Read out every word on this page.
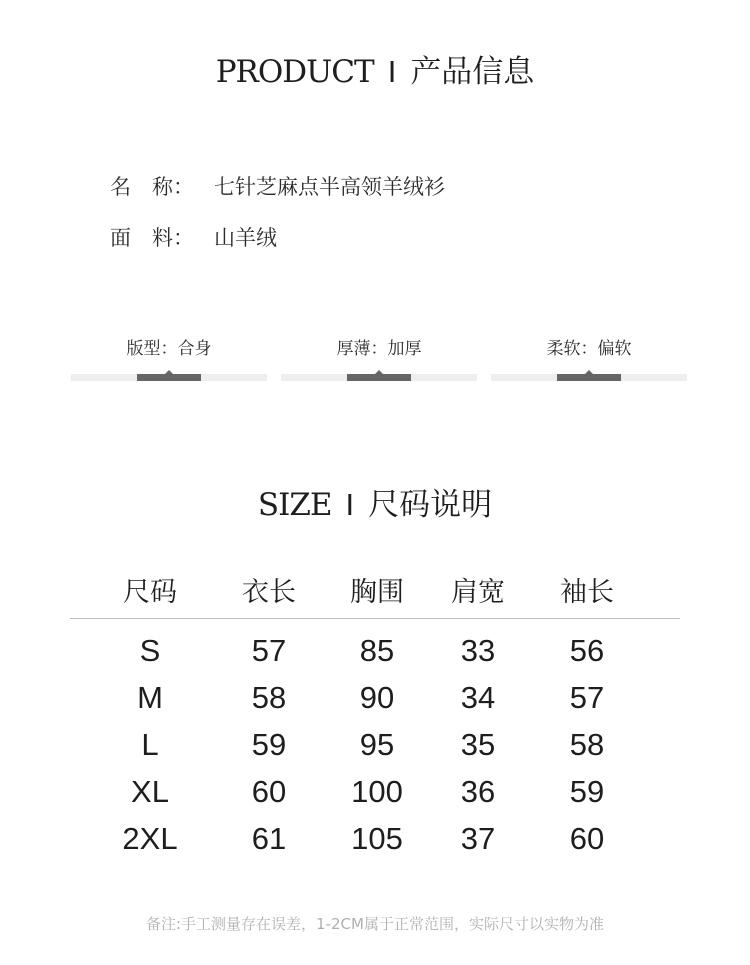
PRODUCT I 产品信息
名　称： 七针芝麻点半高领羊绒衫
面　料： 山羊绒
版型：合身	厚薄：加厚	柔软：偏软
SIZE I 尺码说明
尺码	衣长	胸围	肩宽	袖长
S	57	85	33	56
M	58	90	34	57
L	59	95	35	58
XL	60	100	36	59
2XL	61	105	37	60
备注:手工测量存在误差，1-2CM属于正常范围，实际尺寸以实物为准
